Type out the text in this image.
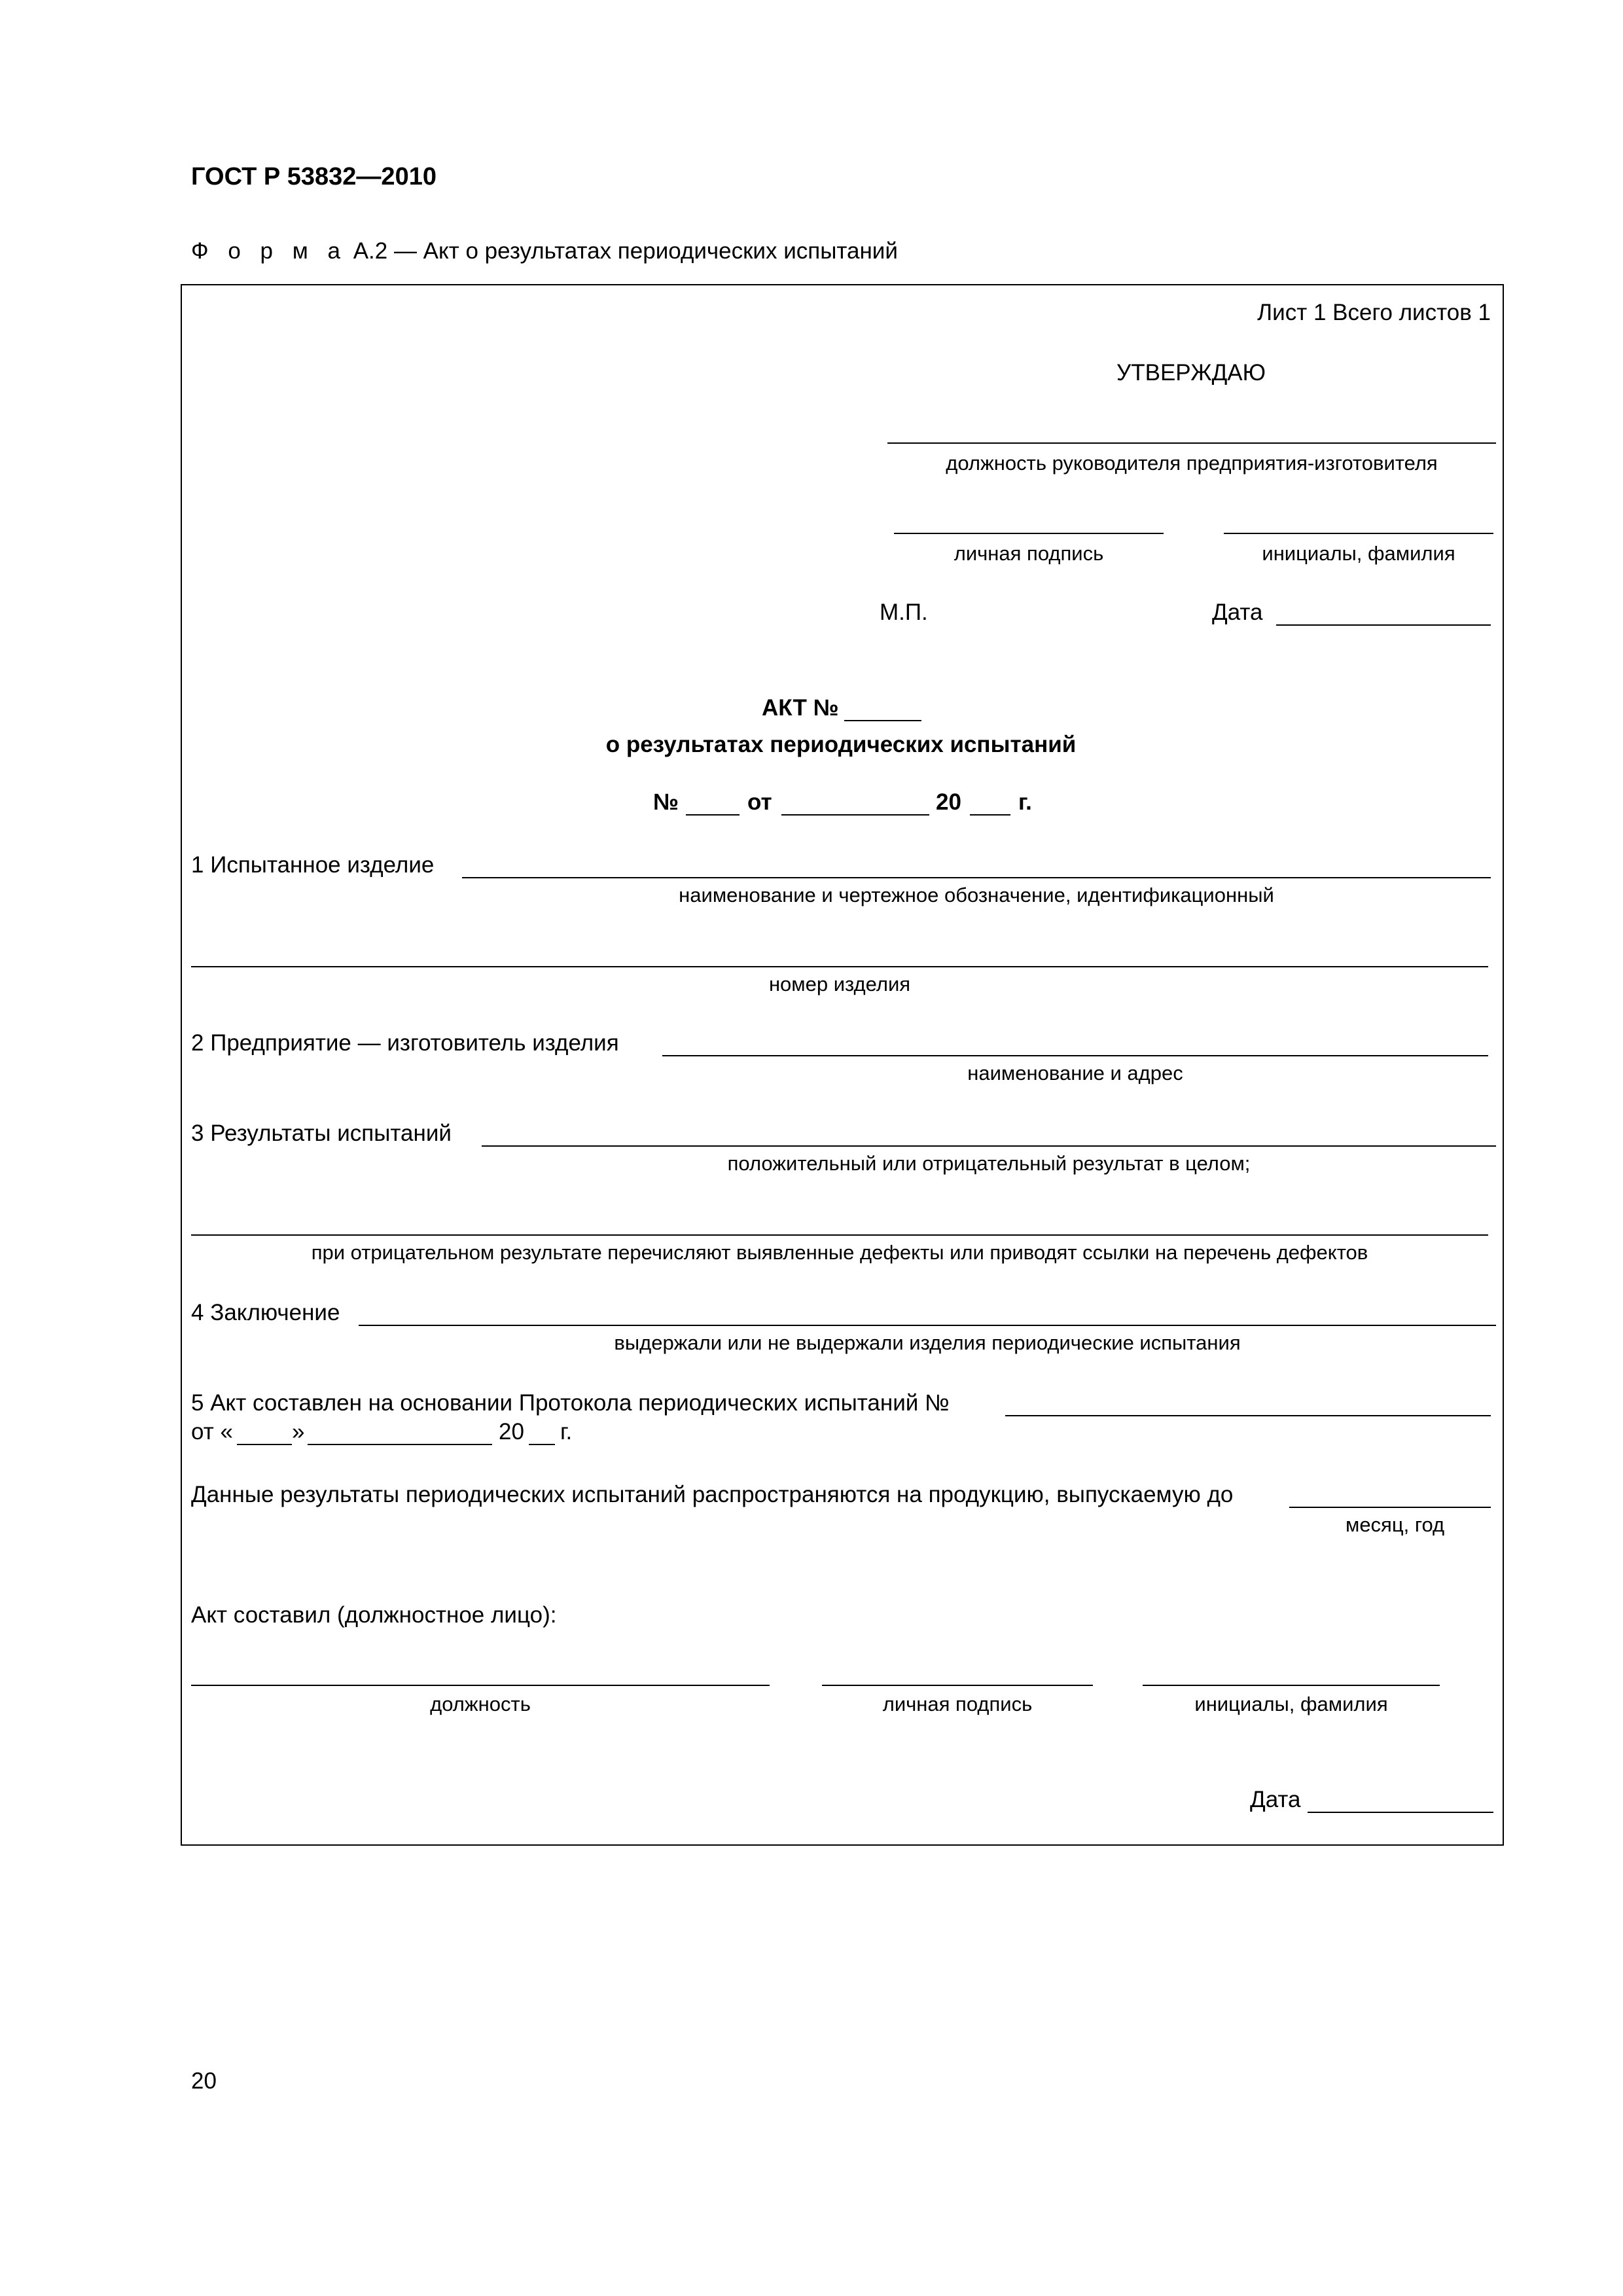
ГОСТ Р 53832—2010
Ф о р м а А.2 — Акт о результатах периодических испытаний
Лист 1 Всего листов 1
УТВЕРЖДАЮ
должность руководителя предприятия-изготовителя
личная подпись	инициалы, фамилия
М.П.	Дата
АКТ №
о результатах периодических испытаний
№	от	20 г.
1 Испытанное изделие
наименование и чертежное обозначение, идентификационный
номер изделия
2 Предприятие — изготовитель изделия
наименование и адрес
3 Результаты испытаний
положительный или отрицательный результат в целом;
при отрицательном результате перечисляют выявленные дефекты или приводят ссылки на перечень дефектов
4 Заключение
выдержали или не выдержали изделия периодические испытания
5 Акт составлен на основании Протокола периодических испытаний №
от «	»	20 г.
Данные результаты периодических испытаний распространяются на продукцию, выпускаемую до
месяц, год
Акт составил (должностное лицо):
должность	личная подпись	инициалы, фамилия
Дата
20
